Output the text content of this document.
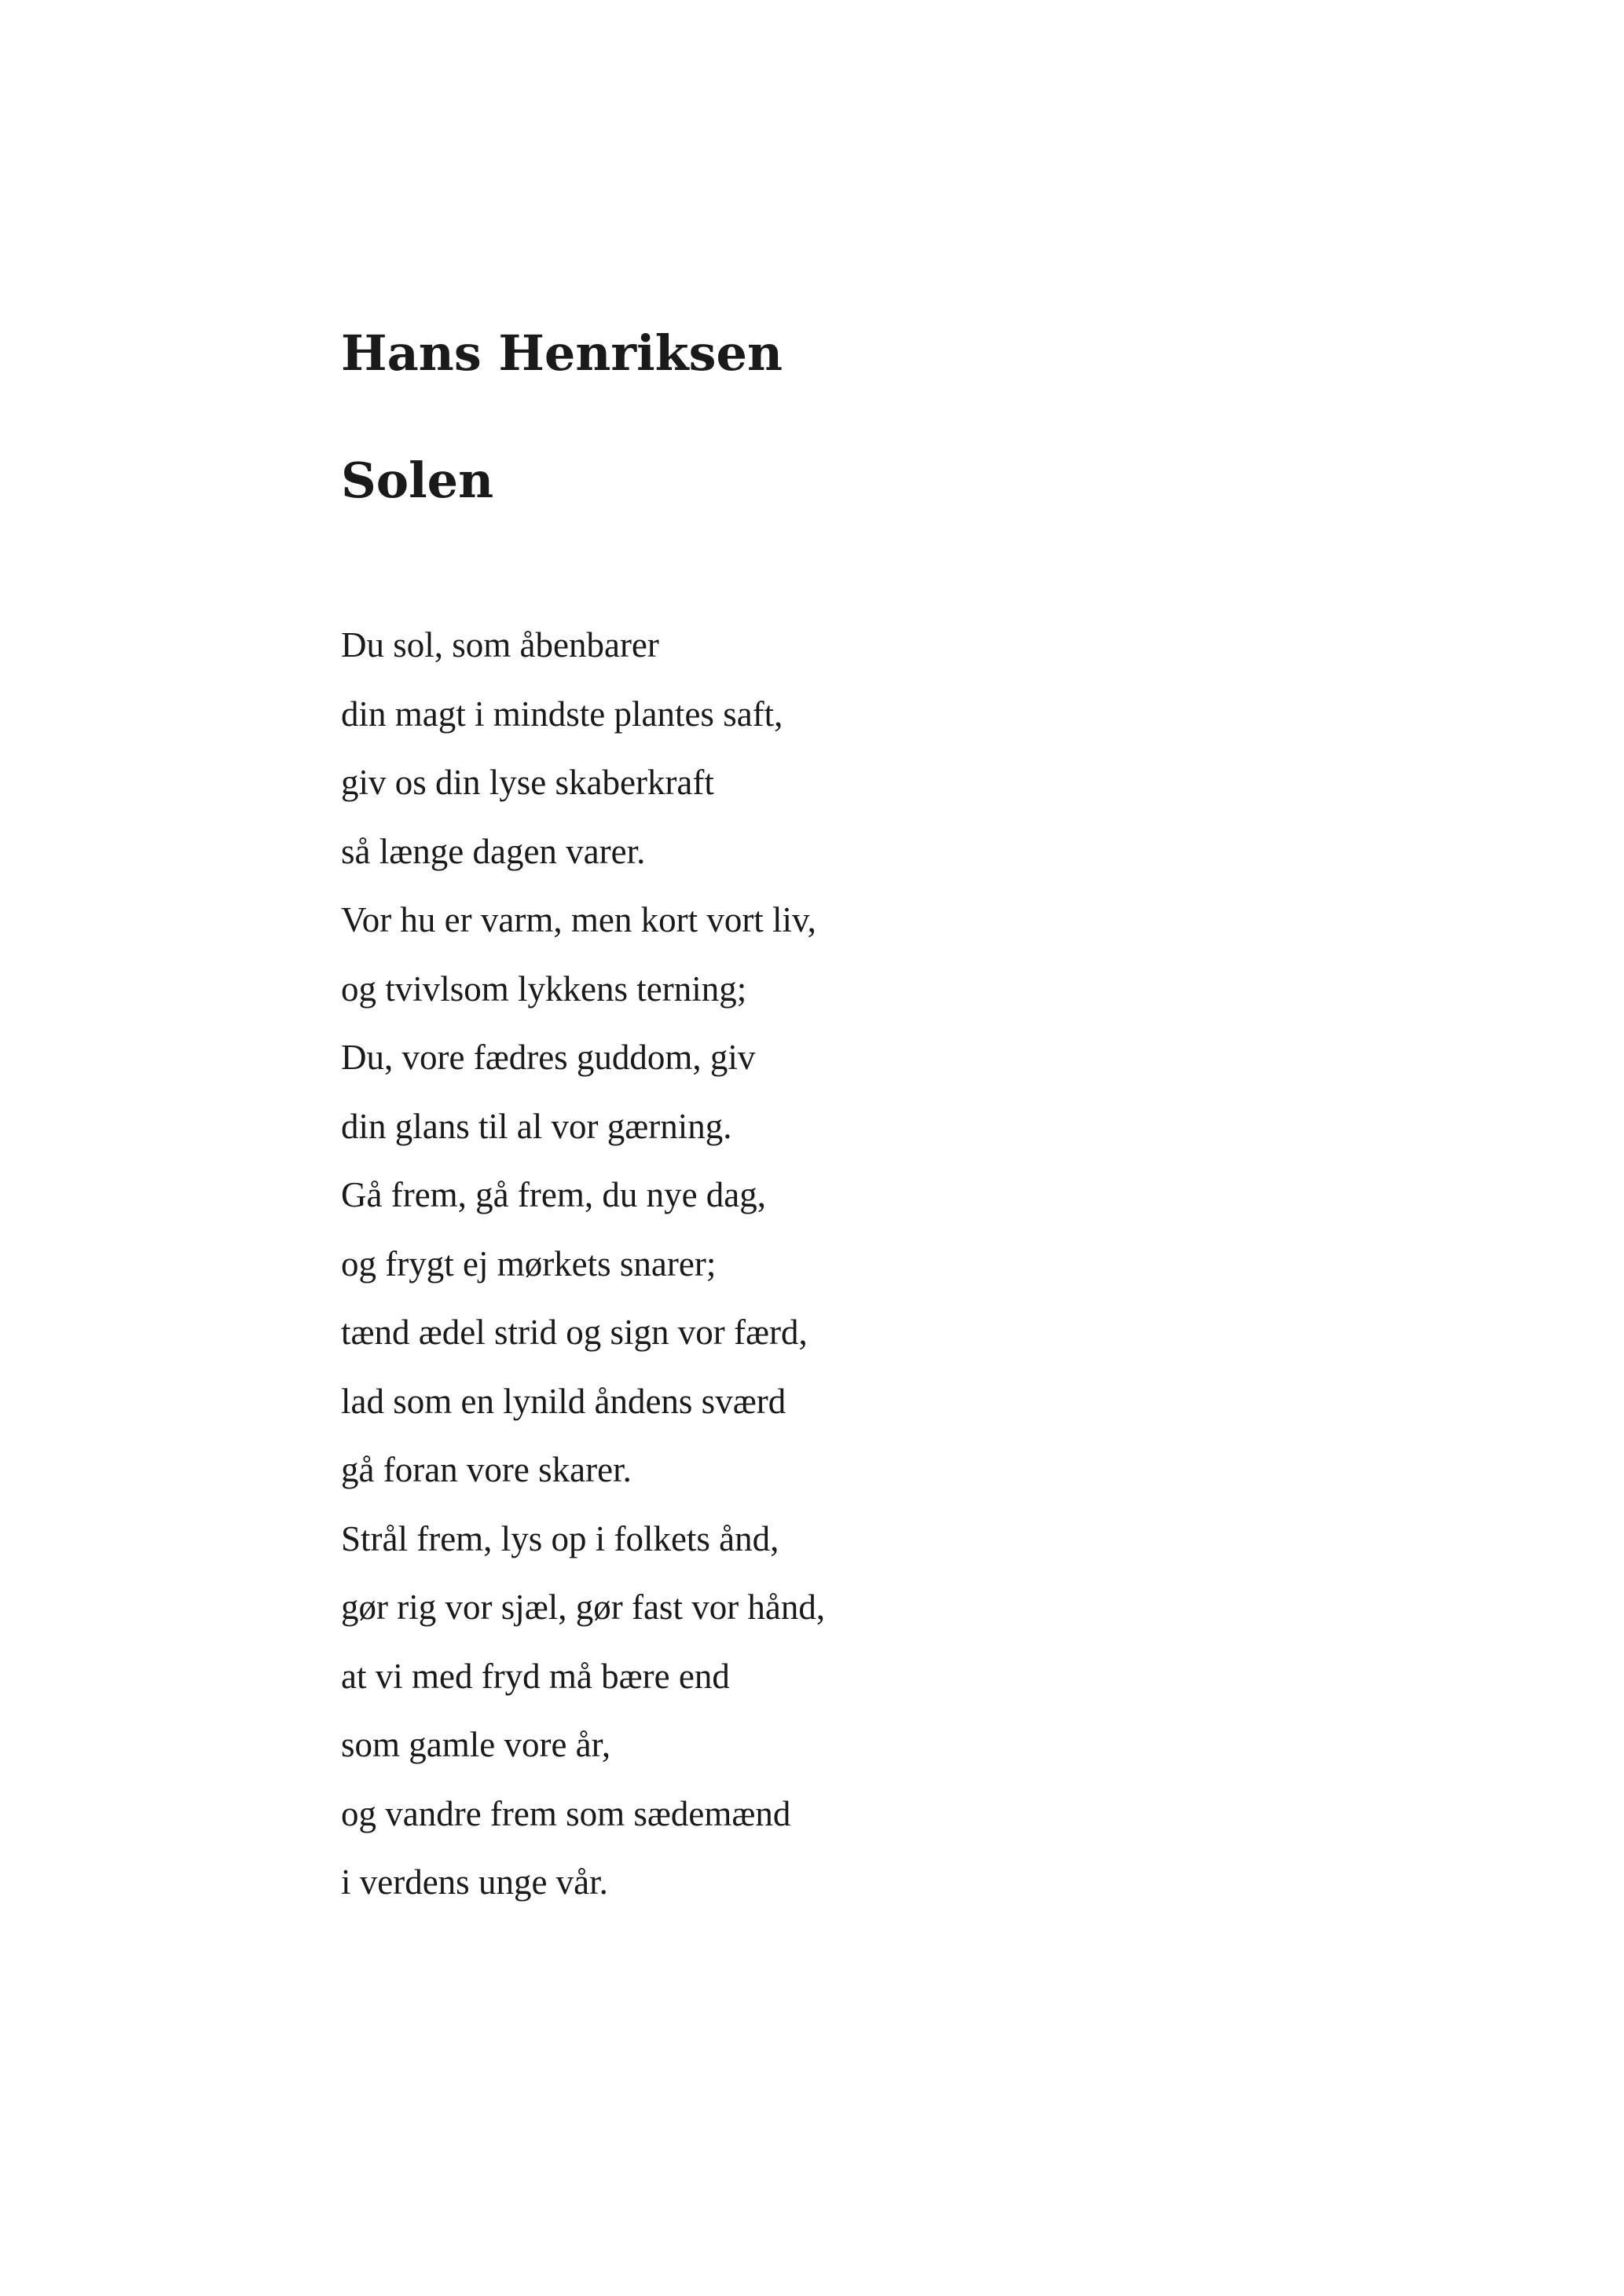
Hans Henriksen
Solen
Du sol, som åbenbarer
din magt i mindste plantes saft,
giv os din lyse skaberkraft
så længe dagen varer.
Vor hu er varm, men kort vort liv,
og tvivlsom lykkens terning;
Du, vore fædres guddom, giv
din glans til al vor gærning.
Gå frem, gå frem, du nye dag,
og frygt ej mørkets snarer;
tænd ædel strid og sign vor færd,
lad som en lynild åndens sværd
gå foran vore skarer.
Strål frem, lys op i folkets ånd,
gør rig vor sjæl, gør fast vor hånd,
at vi med fryd må bære end
som gamle vore år,
og vandre frem som sædemænd
i verdens unge vår.
